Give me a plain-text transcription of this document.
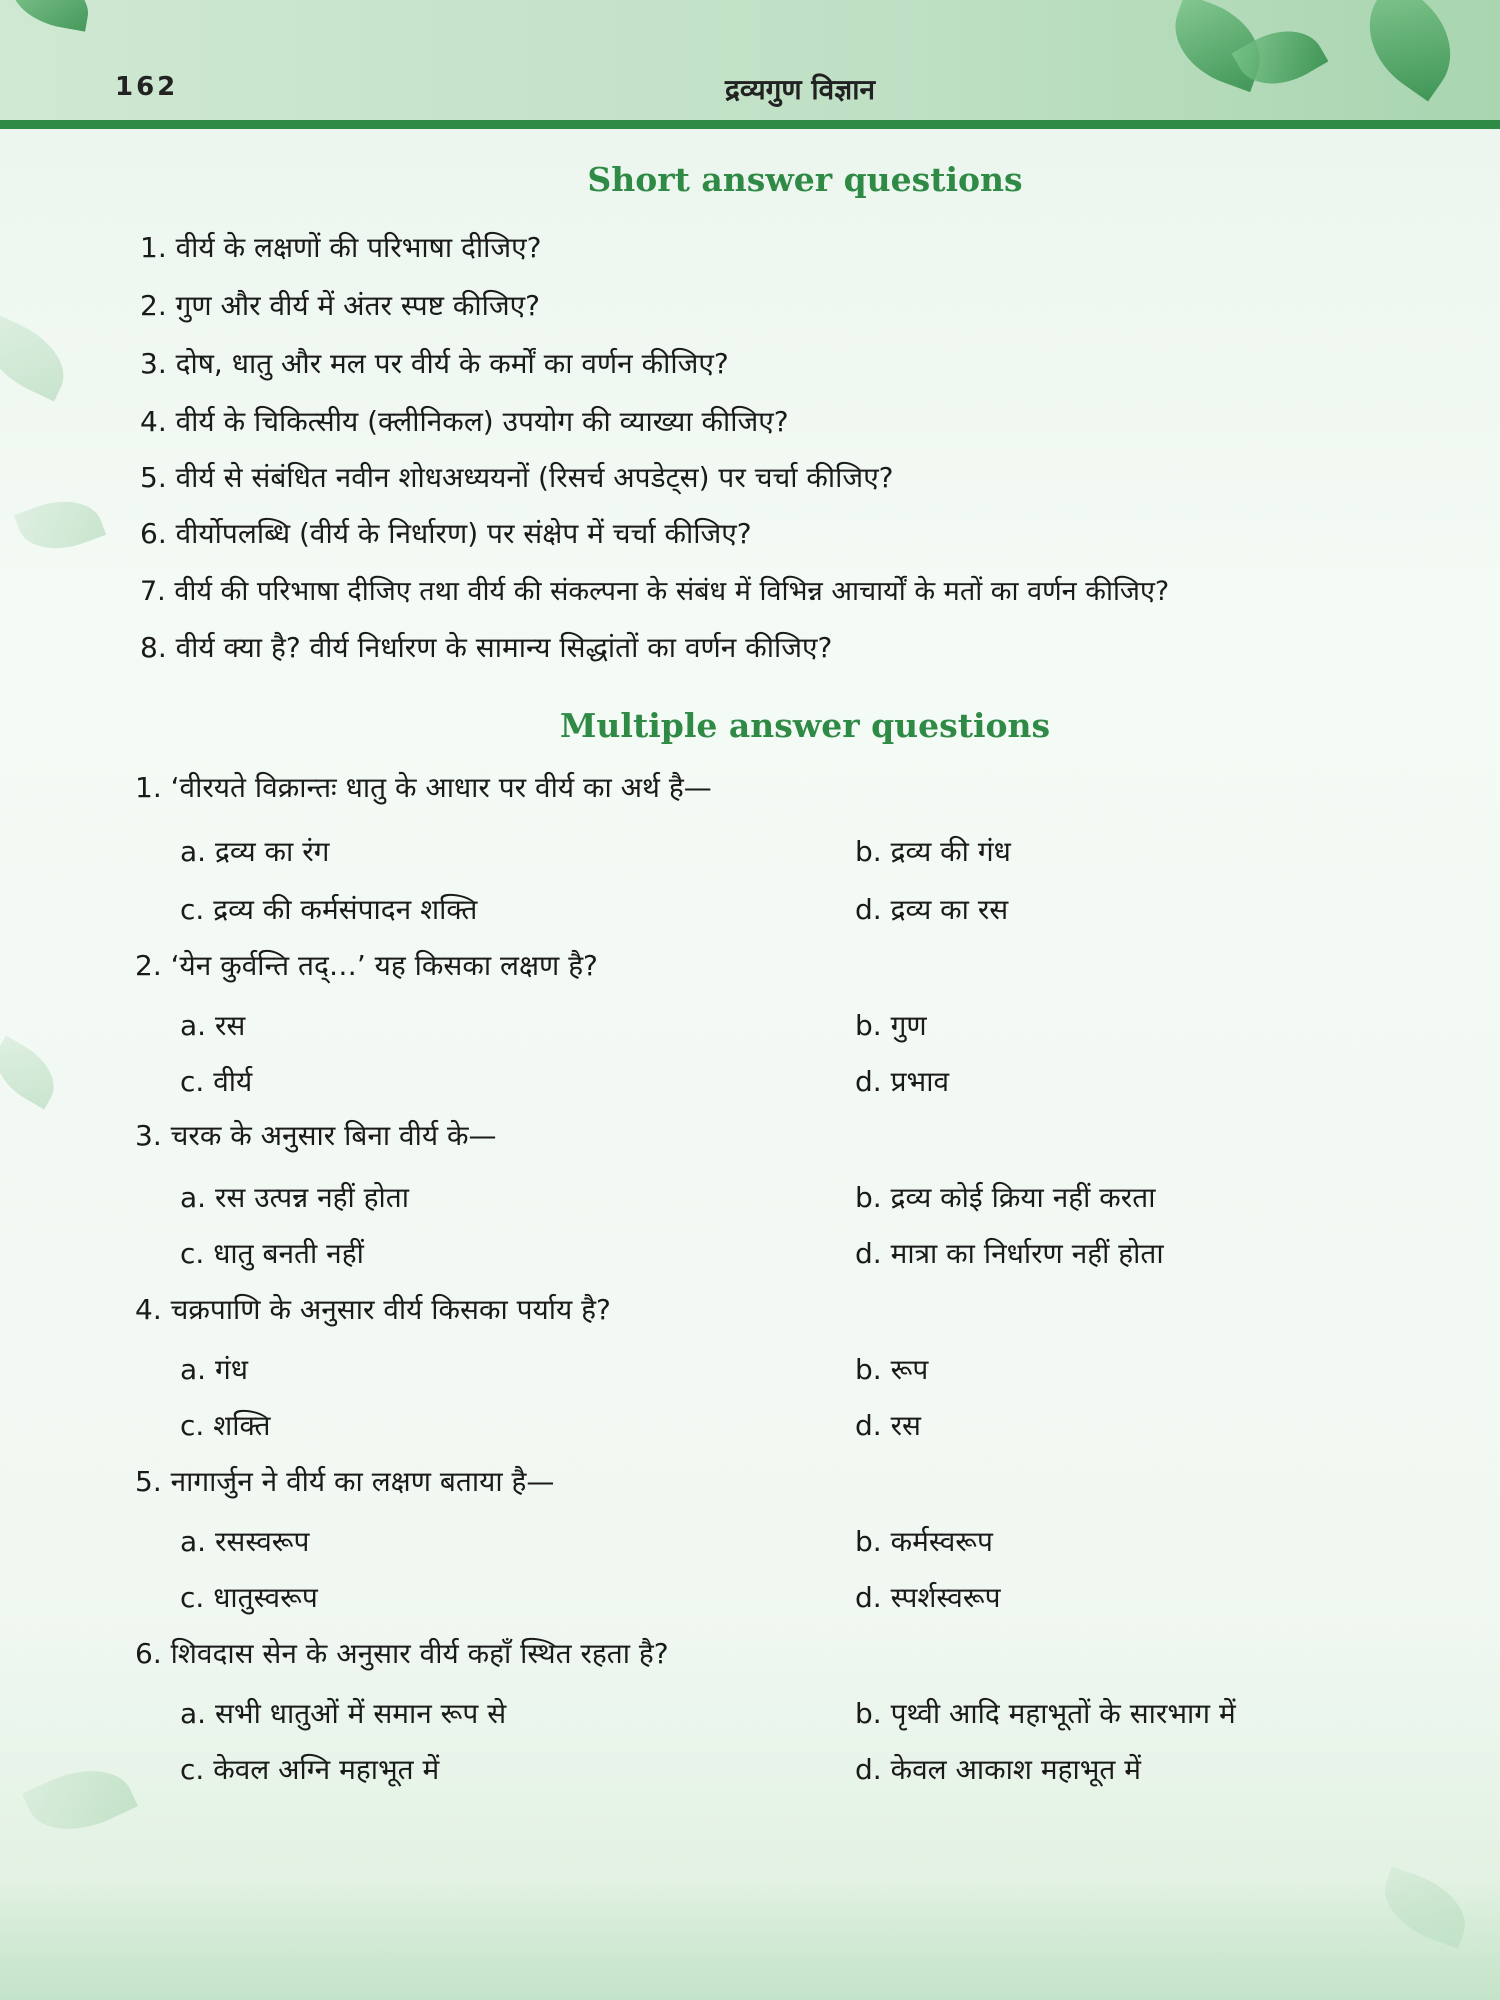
162	द्रव्यगुण विज्ञान
Short answer questions
1. वीर्य के लक्षणों की परिभाषा दीजिए?
2. गुण और वीर्य में अंतर स्पष्ट कीजिए?
3. दोष, धातु और मल पर वीर्य के कर्मों का वर्णन कीजिए?
4. वीर्य के चिकित्सीय (क्लीनिकल) उपयोग की व्याख्या कीजिए?
5. वीर्य से संबंधित नवीन शोधअध्ययनों (रिसर्च अपडेट्स) पर चर्चा कीजिए?
6. वीर्योपलब्धि (वीर्य के निर्धारण) पर संक्षेप में चर्चा कीजिए?
7. वीर्य की परिभाषा दीजिए तथा वीर्य की संकल्पना के संबंध में विभिन्न आचार्यों के मतों का वर्णन कीजिए?
8. वीर्य क्या है? वीर्य निर्धारण के सामान्य सिद्धांतों का वर्णन कीजिए?
Multiple answer questions
1. ‘वीरयते विक्रान्तः धातु के आधार पर वीर्य का अर्थ है—
a. द्रव्य का रंग	b. द्रव्य की गंध
c. द्रव्य की कर्मसंपादन शक्ति	d. द्रव्य का रस
2. ‘येन कुर्वन्ति तद्…’ यह किसका लक्षण है?
a. रस	b. गुण
c. वीर्य	d. प्रभाव
3. चरक के अनुसार बिना वीर्य के—
a. रस उत्पन्न नहीं होता	b. द्रव्य कोई क्रिया नहीं करता
c. धातु बनती नहीं	d. मात्रा का निर्धारण नहीं होता
4. चक्रपाणि के अनुसार वीर्य किसका पर्याय है?
a. गंध	b. रूप
c. शक्ति	d. रस
5. नागार्जुन ने वीर्य का लक्षण बताया है—
a. रसस्वरूप	b. कर्मस्वरूप
c. धातुस्वरूप	d. स्पर्शस्वरूप
6. शिवदास सेन के अनुसार वीर्य कहाँ स्थित रहता है?
a. सभी धातुओं में समान रूप से	b. पृथ्वी आदि महाभूतों के सारभाग में
c. केवल अग्नि महाभूत में	d. केवल आकाश महाभूत में
